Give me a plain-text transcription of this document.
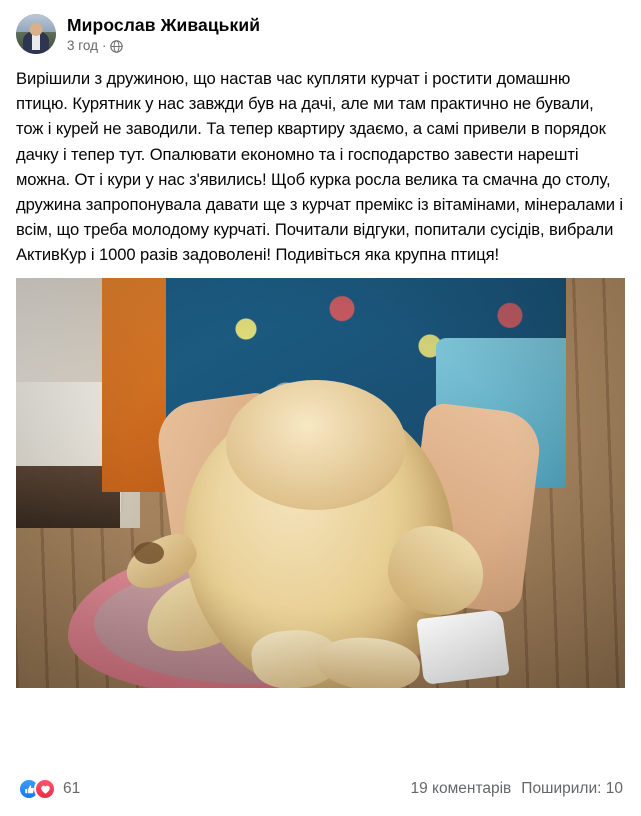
Мирослав Живацький
3 год ·
Вирішили з дружиною, що настав час купляти курчат і ростити домашню птицю. Курятник у нас завжди був на дачі, але ми там практично не бували, тож і курей не заводили. Та тепер квартиру здаємо, а самі привели в порядок дачку і тепер тут. Опалювати економно та і господарство завести нарешті можна. От і кури у нас з'явились! Щоб курка росла велика та смачна до столу, дружина запропонувала давати ще з курчат премікс із вітамінами, мінералами і всім, що треба молодому курчаті. Почитали відгуки, попитали сусідів, вибрали АктивКур і 1000 разів задоволені! Подивіться яка крупна птиця!
61	19 коментарів Поширили: 10
